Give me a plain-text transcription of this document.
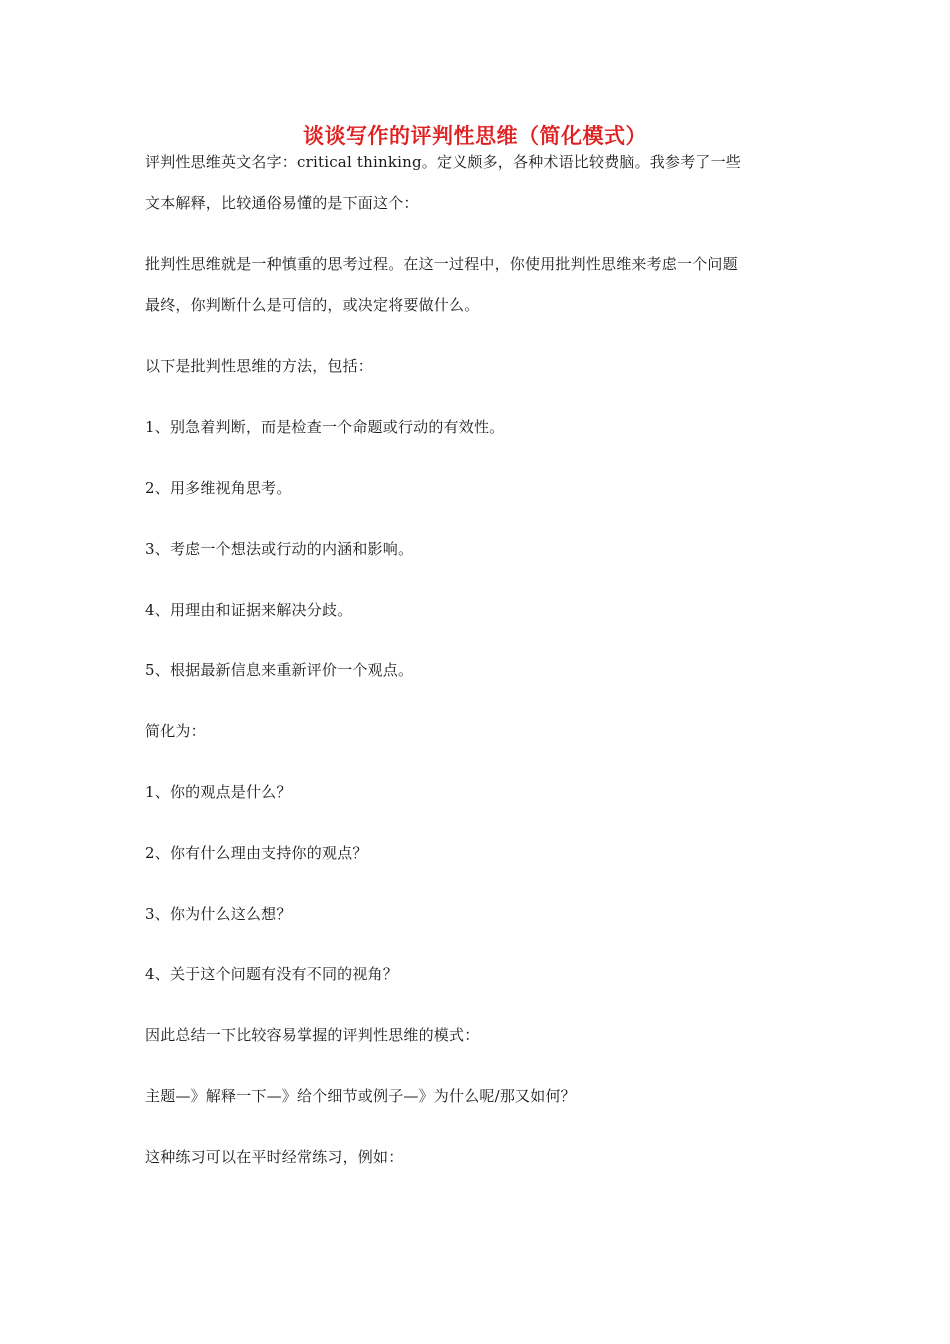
谈谈写作的评判性思维（简化模式）
评判性思维英文名字：critical thinking。定义颇多，各种术语比较费脑。我参考了一些
文本解释，比较通俗易懂的是下面这个：
批判性思维就是一种慎重的思考过程。在这一过程中，你使用批判性思维来考虑一个问题
最终，你判断什么是可信的，或决定将要做什么。
以下是批判性思维的方法，包括：
1、别急着判断，而是检查一个命题或行动的有效性。
2、用多维视角思考。
3、考虑一个想法或行动的内涵和影响。
4、用理由和证据来解决分歧。
5、根据最新信息来重新评价一个观点。
简化为：
1、你的观点是什么？
2、你有什么理由支持你的观点？
3、你为什么这么想？
4、关于这个问题有没有不同的视角？
因此总结一下比较容易掌握的评判性思维的模式：
主题—》解释一下—》给个细节或例子—》为什么呢/那又如何？
这种练习可以在平时经常练习，例如：
